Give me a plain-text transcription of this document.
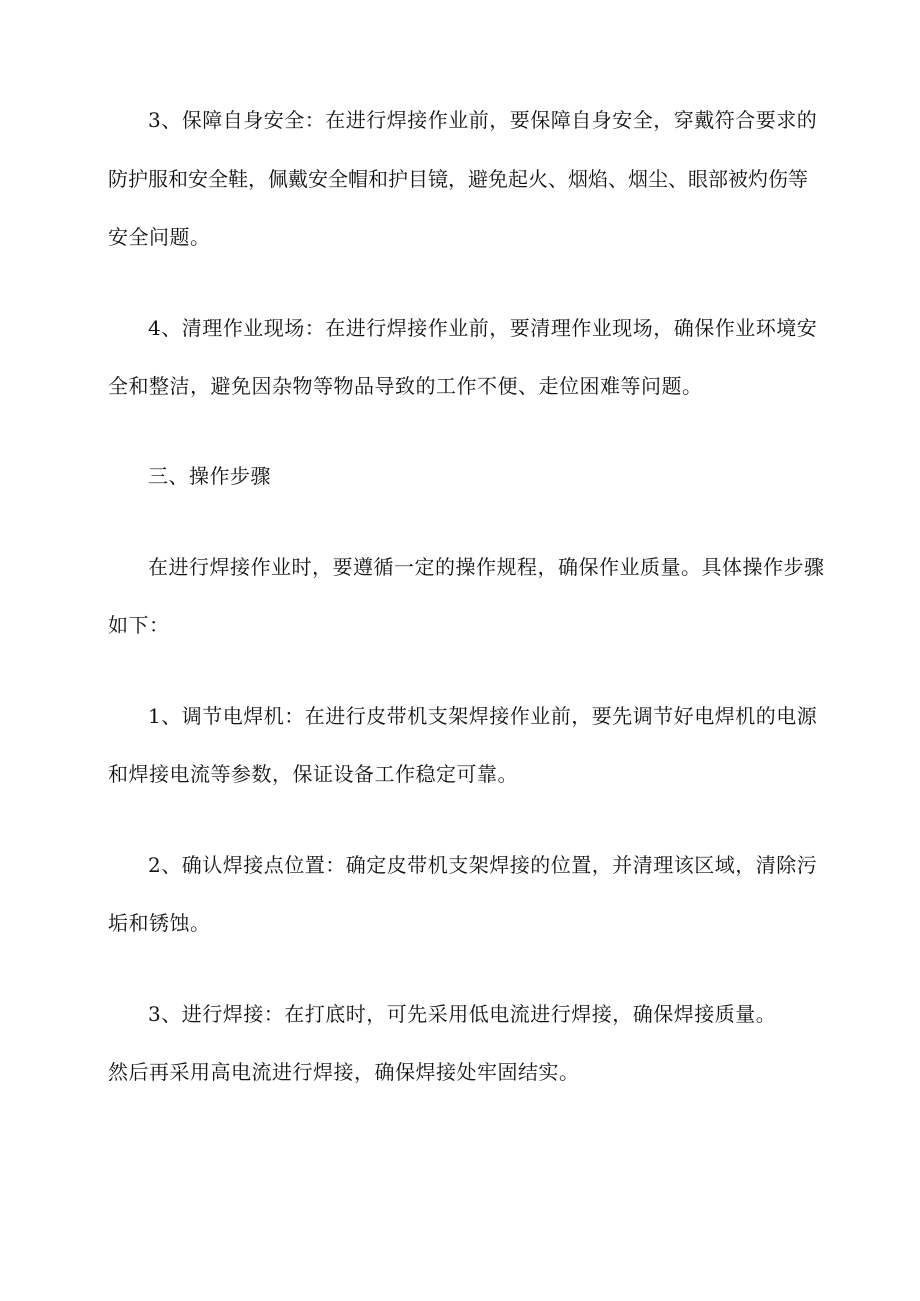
3、保障自身安全：在进行焊接作业前，要保障自身安全，穿戴符合要求的
防护服和安全鞋，佩戴安全帽和护目镜，避免起火、烟焰、烟尘、眼部被灼伤等
安全问题。
4、清理作业现场：在进行焊接作业前，要清理作业现场，确保作业环境安
全和整洁，避免因杂物等物品导致的工作不便、走位困难等问题。
三、操作步骤
在进行焊接作业时，要遵循一定的操作规程，确保作业质量。具体操作步骤
如下：
1、调节电焊机：在进行皮带机支架焊接作业前，要先调节好电焊机的电源
和焊接电流等参数，保证设备工作稳定可靠。
2、确认焊接点位置：确定皮带机支架焊接的位置，并清理该区域，清除污
垢和锈蚀。
3、进行焊接：在打底时，可先采用低电流进行焊接，确保焊接质量。
然后再采用高电流进行焊接，确保焊接处牢固结实。
